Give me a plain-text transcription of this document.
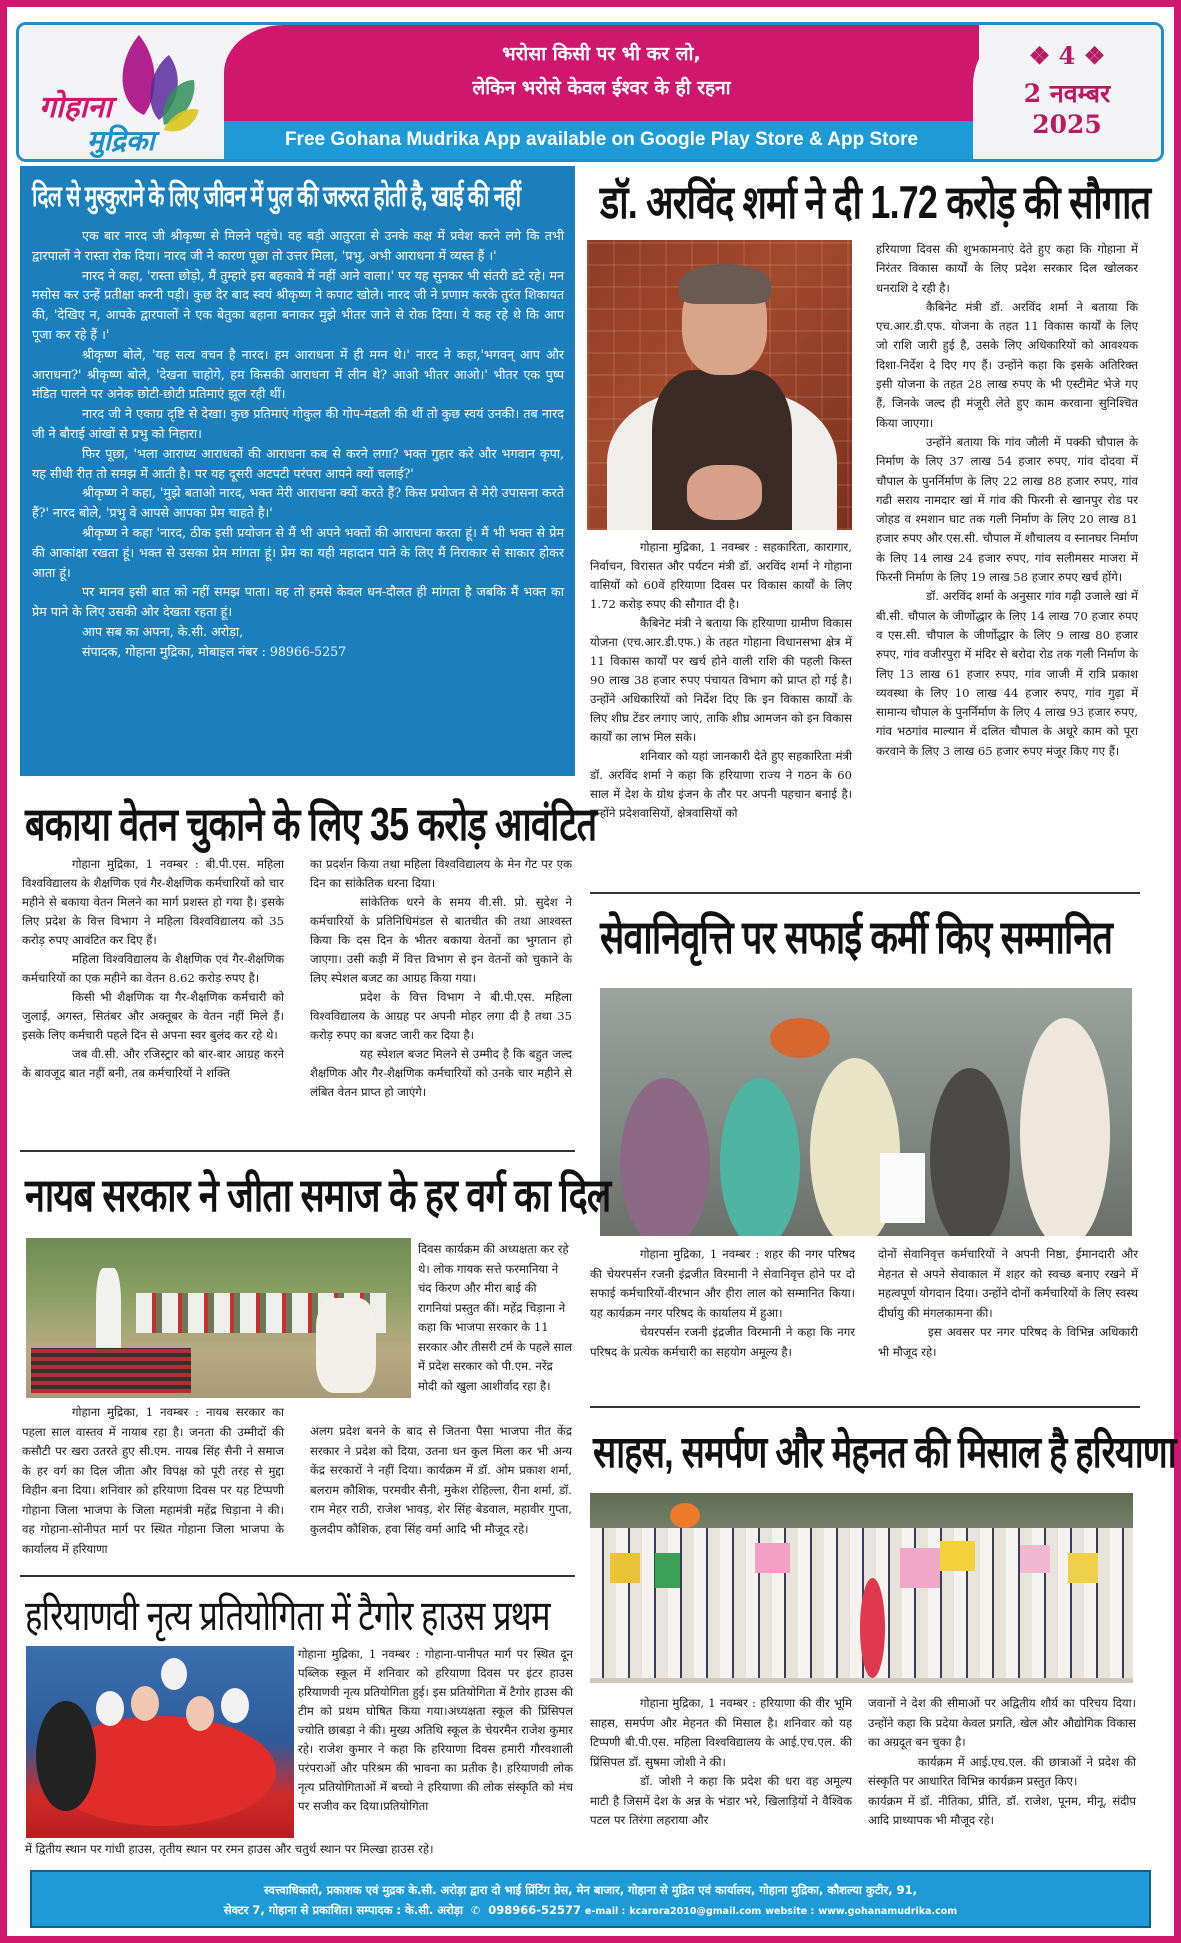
गोहाना
मुद्रिका
भरोसा किसी पर भी कर लो,
लेकिन भरोसे केवल ईश्वर के ही रहना
Free Gohana Mudrika App available on Google Play Store & App Store
❖ 4 ❖
2 नवम्बर
2025
दिल से मुस्कुराने के लिए जीवन में पुल की जरुरत होती है, खाई की नहीं

एक बार नारद जी श्रीकृष्ण से मिलने पहुंचे। वह बड़ी आतुरता से उनके कक्ष में प्रवेश करने लगे कि तभी द्वारपालों ने रास्ता रोक दिया। नारद जी ने कारण पूछा तो उत्तर मिला, 'प्रभु, अभी आराधना में व्यस्त हैं ।'

नारद ने कहा, 'रास्ता छोड़ो, मैं तुम्हारे इस बहकावे में नहीं आने वाला।' पर यह सुनकर भी संतरी डटे रहे। मन मसोस कर उन्हें प्रतीक्षा करनी पड़ी। कुछ देर बाद स्वयं श्रीकृष्ण ने कपाट खोले। नारद जी ने प्रणाम करके तुरंत शिकायत की, 'देखिए न, आपके द्वारपालों ने एक बेतुका बहाना बनाकर मुझे भीतर जाने से रोक दिया। ये कह रहे थे कि आप पूजा कर रहे हैं ।'

श्रीकृष्ण बोले, 'यह सत्य वचन है नारद। हम आराधना में ही मग्न थे।' नारद ने कहा,'भगवन् आप और आराधना?' श्रीकृष्ण बोले, 'देखना चाहोगे, हम किसकी आराधना में लीन थे? आओ भीतर आओ।' भीतर एक पुष्प मंडित पालने पर अनेक छोटी-छोटी प्रतिमाएं झूल रही थीं।

नारद जी ने एकाग्र दृष्टि से देखा। कुछ प्रतिमाएं गोकुल की गोप-मंडली की थीं तो कुछ स्वयं उनकी। तब नारद जी ने बौराई आंखों से प्रभु को निहारा।

फिर पूछा, 'भला आराध्य आराधकों की आराधना कब से करने लगा? भक्त गुहार करे और भगवान कृपा, यह सीधी रीत तो समझ में आती है। पर यह दूसरी अटपटी परंपरा आपने क्यों चलाई?'

श्रीकृष्ण ने कहा, 'मुझे बताओ नारद, भक्त मेरी आराधना क्यों करते हैं? किस प्रयोजन से मेरी उपासना करते हैं?' नारद बोले, 'प्रभु वे आपसे आपका प्रेम चाहते है।'

श्रीकृष्ण ने कहा 'नारद, ठीक इसी प्रयोजन से मैं भी अपने भक्तों की आराधना करता हूं। मैं भी भक्त से प्रेम की आकांक्षा रखता हूं। भक्त से उसका प्रेम मांगता हूं। प्रेम का यही महादान पाने के लिए मैं निराकार से साकार होकर आता हूं।

पर मानव इसी बात को नहीं समझ पाता। वह तो हमसे केवल धन-दौलत ही मांगता है जबकि मैं भक्त का प्रेम पाने के लिए उसकी ओर देखता रहता हूं।

आप सब का अपना, के.सी. अरोड़ा,

संपादक, गोहाना मुद्रिका, मोबाइल नंबर : 98966-5257

डॉ. अरविंद शर्मा ने दी 1.72 करोड़ की सौगात

गोहाना मुद्रिका, 1 नवम्बर : सहकारिता, कारागार, निर्वाचन, विरासत और पर्यटन मंत्री डॉ. अरविंद शर्मा ने गोहाना वासियों को 60वें हरियाणा दिवस पर विकास कार्यों के लिए 1.72 करोड़ रुपए की सौगात दी है।

कैबिनेट मंत्री ने बताया कि हरियाणा ग्रामीण विकास योजना (एच.आर.डी.एफ.) के तहत गोहाना विधानसभा क्षेत्र में 11 विकास कार्यों पर खर्च होने वाली राशि की पहली किस्त 90 लाख 38 हजार रुपए पंचायत विभाग को प्राप्त हो गई है। उन्होंने अधिकारियों को निर्देश दिए कि इन विकास कार्यों के लिए शीघ्र टेंडर लगाए जाएं, ताकि शीघ्र आमजन को इन विकास कार्यों का लाभ मिल सके।

शनिवार को यहां जानकारी देते हुए सहकारिता मंत्री डॉ. अरविंद शर्मा ने कहा कि हरियाणा राज्य ने गठन के 60 साल में देश के ग्रोथ इंजन के तौर पर अपनी पहचान बनाई है। उन्होंने प्रदेशवासियों, क्षेत्रवासियों को

हरियाणा दिवस की शुभकामनाएं देते हुए कहा कि गोहाना में निरंतर विकास कार्यों के लिए प्रदेश सरकार दिल खोलकर धनराशि दे रही है।

कैबिनेट मंत्री डॉ. अरविंद शर्मा ने बताया कि एच.आर.डी.एफ. योजना के तहत 11 विकास कार्यों के लिए जो राशि जारी हुई है, उसके लिए अधिकारियों को आवश्यक दिशा-निर्देश दे दिए गए हैं। उन्होंने कहा कि इसके अतिरिक्त इसी योजना के तहत 28 लाख रुपए के भी एस्टीमेट भेजे गए हैं, जिनके जल्द ही मंजूरी लेते हुए काम करवाना सुनिश्चित किया जाएगा।

उन्होंने बताया कि गांव जौली में पक्की चौपाल के निर्माण के लिए 37 लाख 54 हजार रुपए, गांव दोदवा में चौपाल के पुनर्निर्माण के लिए 22 लाख 88 हजार रुपए, गांव गढी सराय नामदार खां में गांव की फिरनी से खानपुर रोड पर जोहड व श्मशान घाट तक गली निर्माण के लिए 20 लाख 81 हजार रुपए और एस.सी. चौपाल में शौचालय व स्नानघर निर्माण के लिए 14 लाख 24 हजार रुपए, गांव सलीमसर माजरा में फिरनी निर्माण के लिए 19 लाख 58 हजार रुपए खर्च होंगे।

डॉ. अरविंद शर्मा के अनुसार गांव गढ़ी उजाले खां में बी.सी. चौपाल के जीर्णोद्धार के लिए 14 लाख 70 हजार रुपए व एस.सी. चौपाल के जीर्णोद्धार के लिए 9 लाख 80 हजार रुपए, गांव वजीरपुरा में मंदिर से बरोदा रोड तक गली निर्माण के लिए 13 लाख 61 हजार रुपए, गांव जाजी में रात्रि प्रकाश व्यवस्था के लिए 10 लाख 44 हजार रुपए, गांव गुढ़ा में सामान्य चौपाल के पुनर्निर्माण के लिए 4 लाख 93 हजार रुपए, गांव भठगांव माल्यान में दलित चौपाल के अधूरे काम को पूरा करवाने के लिए 3 लाख 65 हजार रुपए मंजूर किए गए हैं।

बकाया वेतन चुकाने के लिए 35 करोड़ आवंटित

गोहाना मुद्रिका, 1 नवम्बर : बी.पी.एस. महिला विश्वविद्यालय के शैक्षणिक एवं गैर-शैक्षणिक कर्मचारियों को चार महीने से बकाया वेतन मिलने का मार्ग प्रशस्त हो गया है। इसके लिए प्रदेश के वित्त विभाग ने महिला विश्वविद्यालय को 35 करोड़ रुपए आवंटित कर दिए हैं।

महिला विश्वविद्यालय के शैक्षणिक एवं गैर-शैक्षणिक कर्मचारियों का एक महीने का वेतन 8.62 करोड़ रुपए है।

किसी भी शैक्षणिक या गैर-शैक्षणिक कर्मचारी को जुलाई, अगस्त, सितंबर और अक्तूबर के वेतन नहीं मिले हैं। इसके लिए कर्मचारी पहले दिन से अपना स्वर बुलंद कर रहे थे।

जब वी.सी. और रजिस्ट्रार को बार-बार आग्रह करने के बावजूद बात नहीं बनी, तब कर्मचारियों ने शक्ति

का प्रदर्शन किया तथा महिला विश्वविद्यालय के मेन गेट पर एक दिन का सांकेतिक धरना दिया।

सांकेतिक धरने के समय वी.सी. प्रो. सुदेश ने कर्मचारियों के प्रतिनिधिमंडल से बातचीत की तथा आश्वस्त किया कि दस दिन के भीतर बकाया वेतनों का भुगतान हो जाएगा। उसी कड़ी में वित्त विभाग से इन वेतनों को चुकाने के लिए स्पेशल बजट का आग्रह किया गया।

प्रदेश के वित्त विभाग ने बी.पी.एस. महिला विश्वविद्यालय के आग्रह पर अपनी मोहर लगा दी है तथा 35 करोड़ रुपए का बजट जारी कर दिया है।

यह स्पेशल बजट मिलने से उम्मीद है कि बहुत जल्द शैक्षणिक और गैर-शैक्षणिक कर्मचारियों को उनके चार महीने से लंबित वेतन प्राप्त हो जाएंगे।

सेवानिवृत्ति पर सफाई कर्मी किए सम्मानित

गोहाना मुद्रिका, 1 नवम्बर : शहर की नगर परिषद की चेयरपर्सन रजनी इंद्रजीत विरमानी ने सेवानिवृत्त होने पर दो सफाई कर्मचारियों-वीरभान और हीरा लाल को सम्मानित किया। यह कार्यक्रम नगर परिषद के कार्यालय में हुआ।

चेयरपर्सन रजनी इंद्रजीत विरमानी ने कहा कि नगर परिषद के प्रत्येक कर्मचारी का सहयोग अमूल्य है।

दोनों सेवानिवृत्त कर्मचारियों ने अपनी निष्ठा, ईमानदारी और मेहनत से अपने सेवाकाल में शहर को स्वच्छ बनाए रखने में महत्वपूर्ण योगदान दिया। उन्होंने दोनों कर्मचारियों के लिए स्वस्थ दीर्घायु की मंगलकामना की।

इस अवसर पर नगर परिषद के विभिन्न अधिकारी भी मौजूद रहे।

नायब सरकार ने जीता समाज के हर वर्ग का दिल

दिवस कार्यक्रम की अध्यक्षता कर रहे थे। लोक गायक सत्ते फरमानिया ने चंद किरण और मीरा बाई की रागनियां प्रस्तुत कीं। महेंद्र चिड़ाना ने कहा कि भाजपा सरकार के 11 सरकार और तीसरी टर्म के पहले साल में प्रदेश सरकार को पी.एम. नरेंद्र मोदी को खुला आशीर्वाद रहा है।

गोहाना मुद्रिका, 1 नवम्बर : नायब सरकार का पहला साल वास्तव में नायाब रहा है। जनता की उम्मीदों की कसौटी पर खरा उतरते हुए सी.एम. नायब सिंह सैनी ने समाज के हर वर्ग का दिल जीता और विपक्ष को पूरी तरह से मुद्दा विहीन बना दिया। शनिवार को हरियाणा दिवस पर यह टिप्पणी गोहाना जिला भाजपा के जिला महामंत्री महेंद्र चिड़ाना ने की। वह गोहाना-सोनीपत मार्ग पर स्थित गोहाना जिला भाजपा के कार्यालय में हरियाणा

अलग प्रदेश बनने के बाद से जितना पैसा भाजपा नीत केंद्र सरकार ने प्रदेश को दिया, उतना धन कुल मिला कर भी अन्य केंद्र सरकारों ने नहीं दिया। कार्यक्रम में डॉ. ओम प्रकाश शर्मा, बलराम कौशिक, परमवीर सैनी, मुकेश रोहिल्ला, रीना शर्मा, डॉ. राम मेहर राठी, राजेश भावड़, शेर सिंह बेडवाल, महावीर गुप्ता, कुलदीप कौशिक, हवा सिंह वर्मा आदि भी मौजूद रहे।

हरियाणवी नृत्य प्रतियोगिता में टैगोर हाउस प्रथम

गोहाना मुद्रिका, 1 नवम्बर : गोहाना-पानीपत मार्ग पर स्थित दून पब्लिक स्कूल में शनिवार को हरियाणा दिवस पर इंटर हाउस हरियाणवी नृत्य प्रतियोगिता हुई। इस प्रतियोगिता में टैगोर हाउस की टीम को प्रथम घोषित किया गया।अध्यक्षता स्कूल की प्रिंसिपल ज्योति छाबड़ा ने की। मुख्य अतिथि स्कूल के चेयरमैन राजेश कुमार रहे। राजेश कुमार ने कहा कि हरियाणा दिवस हमारी गौरवशाली परंपराओं और परिश्रम की भावना का प्रतीक है। हरियाणवी लोक नृत्य प्रतियोगिताओं में बच्चो ने हरियाणा की लोक संस्कृति को मंच पर सजीव कर दिया।प्रतियोगिता

में द्वितीय स्थान पर गांधी हाउस, तृतीय स्थान पर रमन हाउस और चतुर्थ स्थान पर मिल्खा हाउस रहे।

साहस, समर्पण और मेहनत की मिसाल है हरियाणा

गोहाना मुद्रिका, 1 नवम्बर : हरियाणा की वीर भूमि साहस, समर्पण और मेहनत की मिसाल है। शनिवार को यह टिप्पणी बी.पी.एस. महिला विश्वविद्यालय के आई.एच.एल. की प्रिंसिपल डॉ. सुषमा जोशी ने की।

डॉ. जोशी ने कहा कि प्रदेश की धरा वह अमूल्य माटी है जिसमें देश के अन्न के भंडार भरे, खिलाड़ियों ने वैश्विक पटल पर तिरंगा लहराया और

जवानों ने देश की सीमाओं पर अद्वितीय शौर्य का परिचय दिया। उन्होंने कहा कि प्रदेया केवल प्रगति, खेल और औद्योगिक विकास का अग्रदूत बन चुका है।

कार्यक्रम में आई.एच.एल. की छात्राओं ने प्रदेश की संस्कृति पर आधारित विभिन्न कार्यक्रम प्रस्तुत किए।

कार्यक्रम में डॉ. नीतिका, प्रीति, डॉ. राजेश, पूनम, मीनू, संदीप आदि प्राध्यापक भी मौजूद रहे।

स्वत्त्वाधिकारी, प्रकाशक एवं मुद्रक के.सी. अरोड़ा द्वारा दो भाई प्रिंटिंग प्रेस, मेन बाजार, गोहाना से मुद्रित एवं कार्यालय, गोहाना मुद्रिका, कौशल्या कुटीर, 91,
सेक्टर 7, गोहाना से प्रकाशित। सम्पादक : के.सी. अरोड़ा ✆ 098966-52577 e-mail : kcarora2010@gmail.com website : www.gohanamudrika.com
